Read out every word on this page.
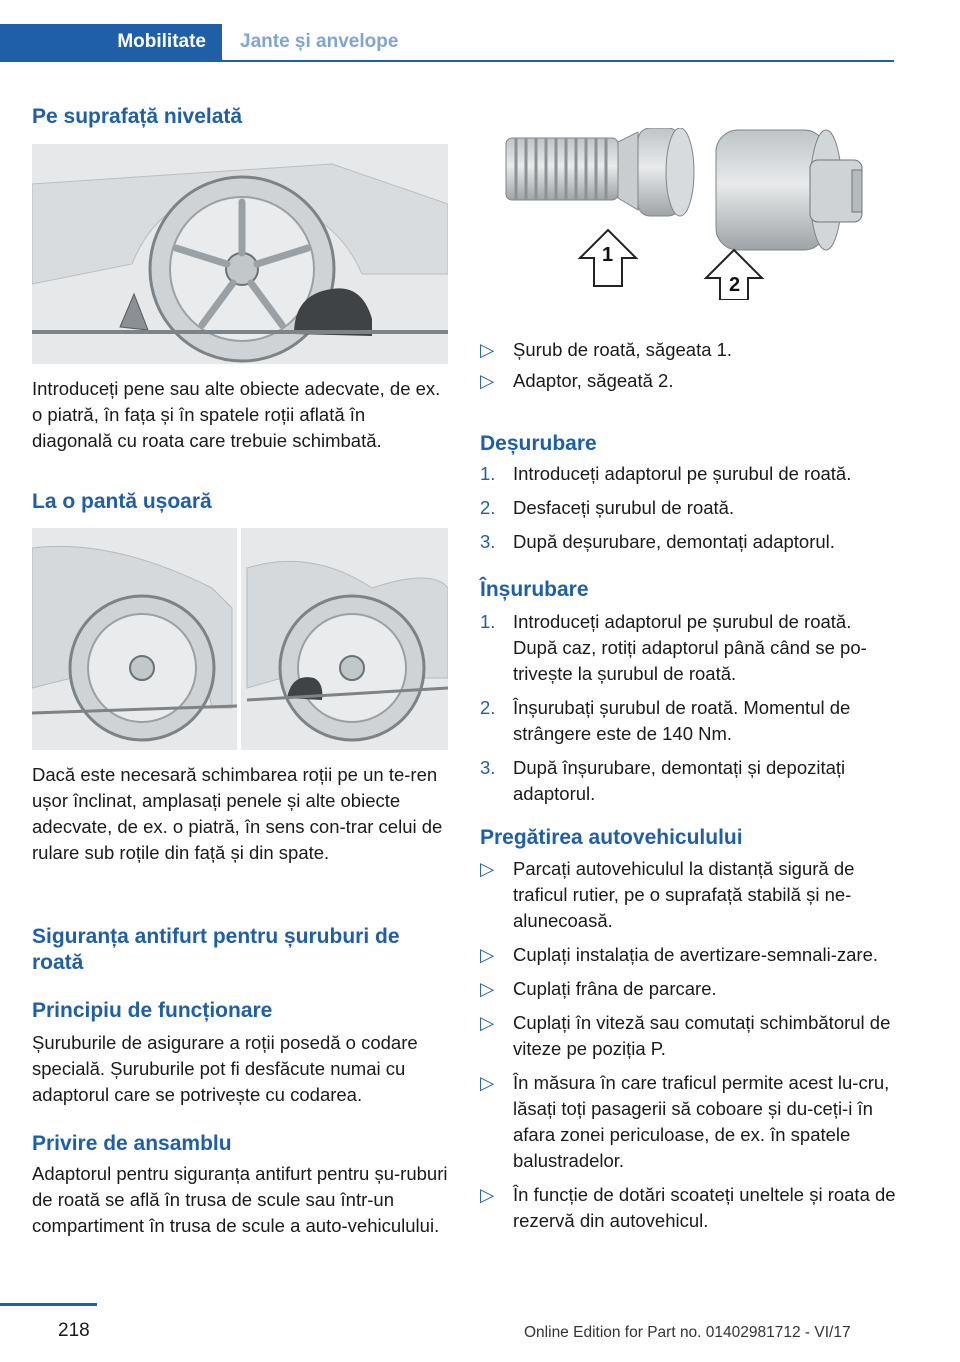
Mobilitate Jante și anvelope
Pe suprafață nivelată

Introduceți pene sau alte obiecte adecvate, de ex. o piatră, în fața și în spatele roții aflată în diagonală cu roata care trebuie schimbată.

La o pantă ușoară

Dacă este necesară schimbarea roții pe un te-ren ușor înclinat, amplasați penele și alte obiecte adecvate, de ex. o piatră, în sens con-trar celui de rulare sub roțile din față și din spate.

Siguranța antifurt pentru șuruburi de roată
Principiu de funcționare

Șuruburile de asigurare a roții posedă o codare specială. Șuruburile pot fi desfăcute numai cu adaptorul care se potrivește cu codarea.

Privire de ansamblu

Adaptorul pentru siguranța antifurt pentru șu-ruburi de roată se află în trusa de scule sau într-un compartiment în trusa de scule a auto-vehiculului.

1
2
▷ Șurub de roată, săgeata 1.
▷ Adaptor, săgeată 2.
Deșurubare
1. Introduceți adaptorul pe șurubul de roată.
2. Desfaceți șurubul de roată.
3. După deșurubare, demontați adaptorul.
Înșurubare
1. Introduceți adaptorul pe șurubul de roată. După caz, rotiți adaptorul până când se po-trivește la șurubul de roată.
2. Înșurubați șurubul de roată. Momentul de strângere este de 140 Nm.
3. După înșurubare, demontați și depozitați adaptorul.
Pregătirea autovehiculului
▷ Parcați autovehiculul la distanță sigură de traficul rutier, pe o suprafață stabilă și ne-alunecoasă.
▷ Cuplați instalația de avertizare-semnali-zare.
▷ Cuplați frâna de parcare.
▷ Cuplați în viteză sau comutați schimbătorul de viteze pe poziția P.
▷ În măsura în care traficul permite acest lu-cru, lăsați toți pasagerii să coboare și du-ceți-i în afara zonei periculoase, de ex. în spatele balustradelor.
▷ În funcție de dotări scoateți uneltele și roata de rezervă din autovehicul.
218	Online Edition for Part no. 01402981712 - VI/17
